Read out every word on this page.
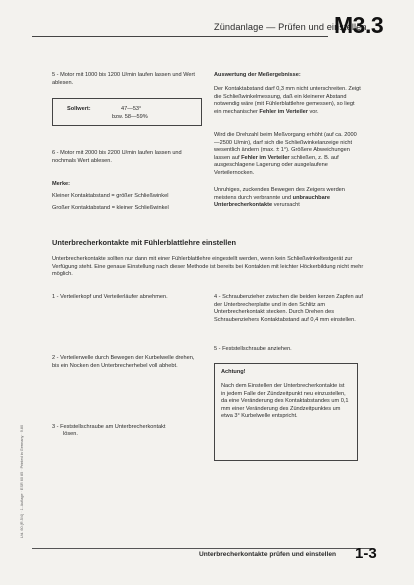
Zündanlage — Prüfen und einstellen
M3.3
5 - Motor mit 1000 bis 1200 U/min laufen lassen und Wert ablesen.
Sollwert:	47—53°
bzw. 58—59%
6 - Motor mit 2000 bis 2200 U/min laufen lassen und nochmals Wert ablesen.
Merke:
Kleiner Kontaktabstand = größer Schließwinkel
Großer Kontaktabstand = kleiner Schließwinkel
Auswertung der Meßergebnisse:
Der Kontaktabstand darf 0,3 mm nicht unterschreiten. Zeigt die Schließwinkelmessung, daß ein kleinerer Abstand notwendig wäre (mit Fühlerblattlehre gemessen), so liegt ein mechanischer Fehler im Verteiler vor.
Wird die Drehzahl beim Meßvorgang erhöht (auf ca. 2000—2500 U/min), darf sich die Schließwinkelanzeige nicht wesentlich ändern (max. ± 1°). Größere Abweichungen lassen auf Fehler im Verteiler schließen, z. B. auf ausgeschlagene Lagerung oder ausgelaufene Verteilernocken.
Unruhiges, zuckendes Bewegen des Zeigers werden meistens durch verbrannte und unbrauchbare Unterbrecherkontakte verursacht
Unterbrecherkontakte mit Fühlerblattlehre einstellen
Unterbrecherkontakte sollten nur dann mit einer Fühlerblattlehre eingestellt werden, wenn kein Schließwinkeltestgerät zur Verfügung steht. Eine genaue Einstellung nach dieser Methode ist bereits bei Kontakten mit leichter Höckerbildung nicht mehr möglich.
1 - Verteilerkopf und Verteilerläufer abnehmen.
2 - Verteilerwelle durch Bewegen der Kurbelwelle drehen, bis ein Nocken den Unterbrecherhebel voll abhebt.
3 - Feststellschraube am Unterbrecherkontakt
lösen.
4 - Schraubenzieher zwischen die beiden kerzen Zapfen auf der Unterbrecherplatte und in den Schlitz am Unterbrecherkontakt stecken. Durch Drehen des Schraubenziehers Kontaktabstand auf 0,4 mm einstellen.
5 - Feststellschraube anziehen.
Achtung!
Nach dem Einstellen der Unterbrecherkontakte ist in jedem Falle der Zündzeitpunkt neu einzustellen, da eine Veränderung des Kontaktabstandes um 0,1 mm einer Veränderung des Zündzeitpunktes um etwa 3° Kurbelwelle entspricht.
Lfd. 60 (R.5/4) · 1. Auflage · ESR 60 85 · Printed in Germany · 9.80
Unterbrecherkontakte prüfen und einstellen 1-3
